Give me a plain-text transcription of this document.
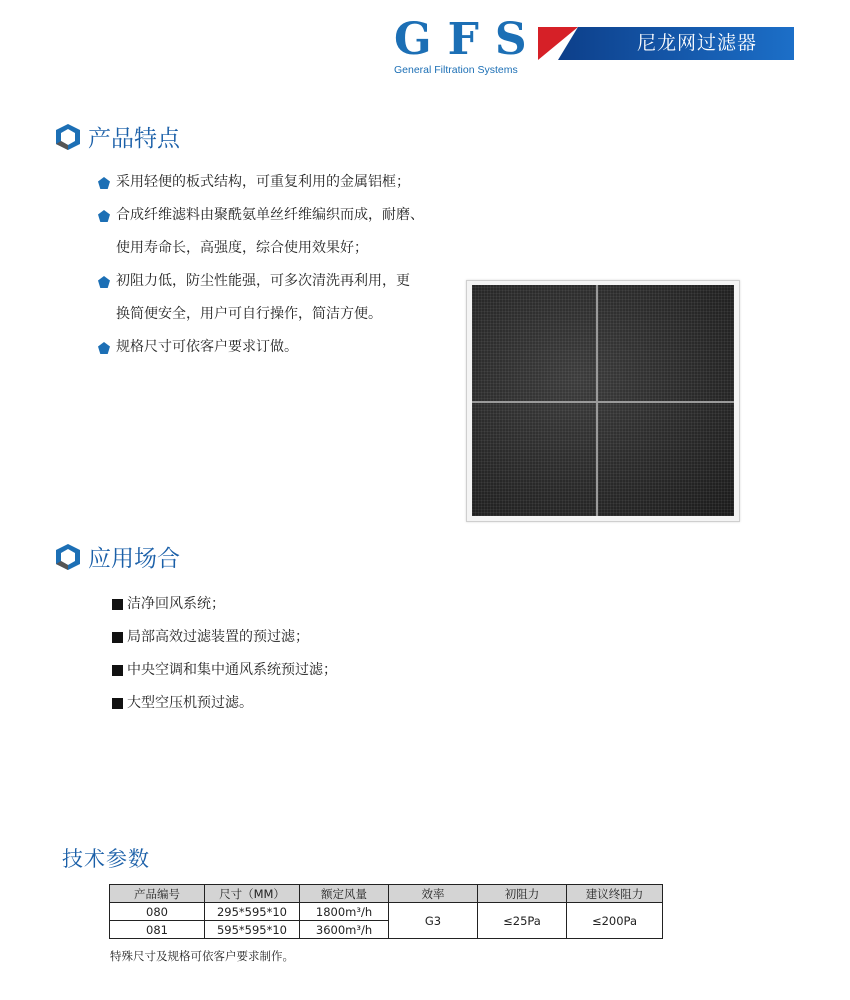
G F S
General Filtration Systems
尼龙网过滤器
产品特点
采用轻便的板式结构，可重复利用的金属铝框；
合成纤维滤料由聚酰氨单丝纤维编织而成，耐磨、
使用寿命长，高强度，综合使用效果好；
初阻力低，防尘性能强，可多次清洗再利用，更
换简便安全，用户可自行操作，简洁方便。
规格尺寸可依客户要求订做。
应用场合
洁净回风系统；
局部高效过滤装置的预过滤；
中央空调和集中通风系统预过滤；
大型空压机预过滤。
技术参数
产品编号	尺寸（MM）	额定风量	效率	初阻力	建议终阻力
080	295*595*10	1800m³/h	G3	≤25Pa	≤200Pa
081	595*595*10	3600m³/h			
特殊尺寸及规格可依客户要求制作。
